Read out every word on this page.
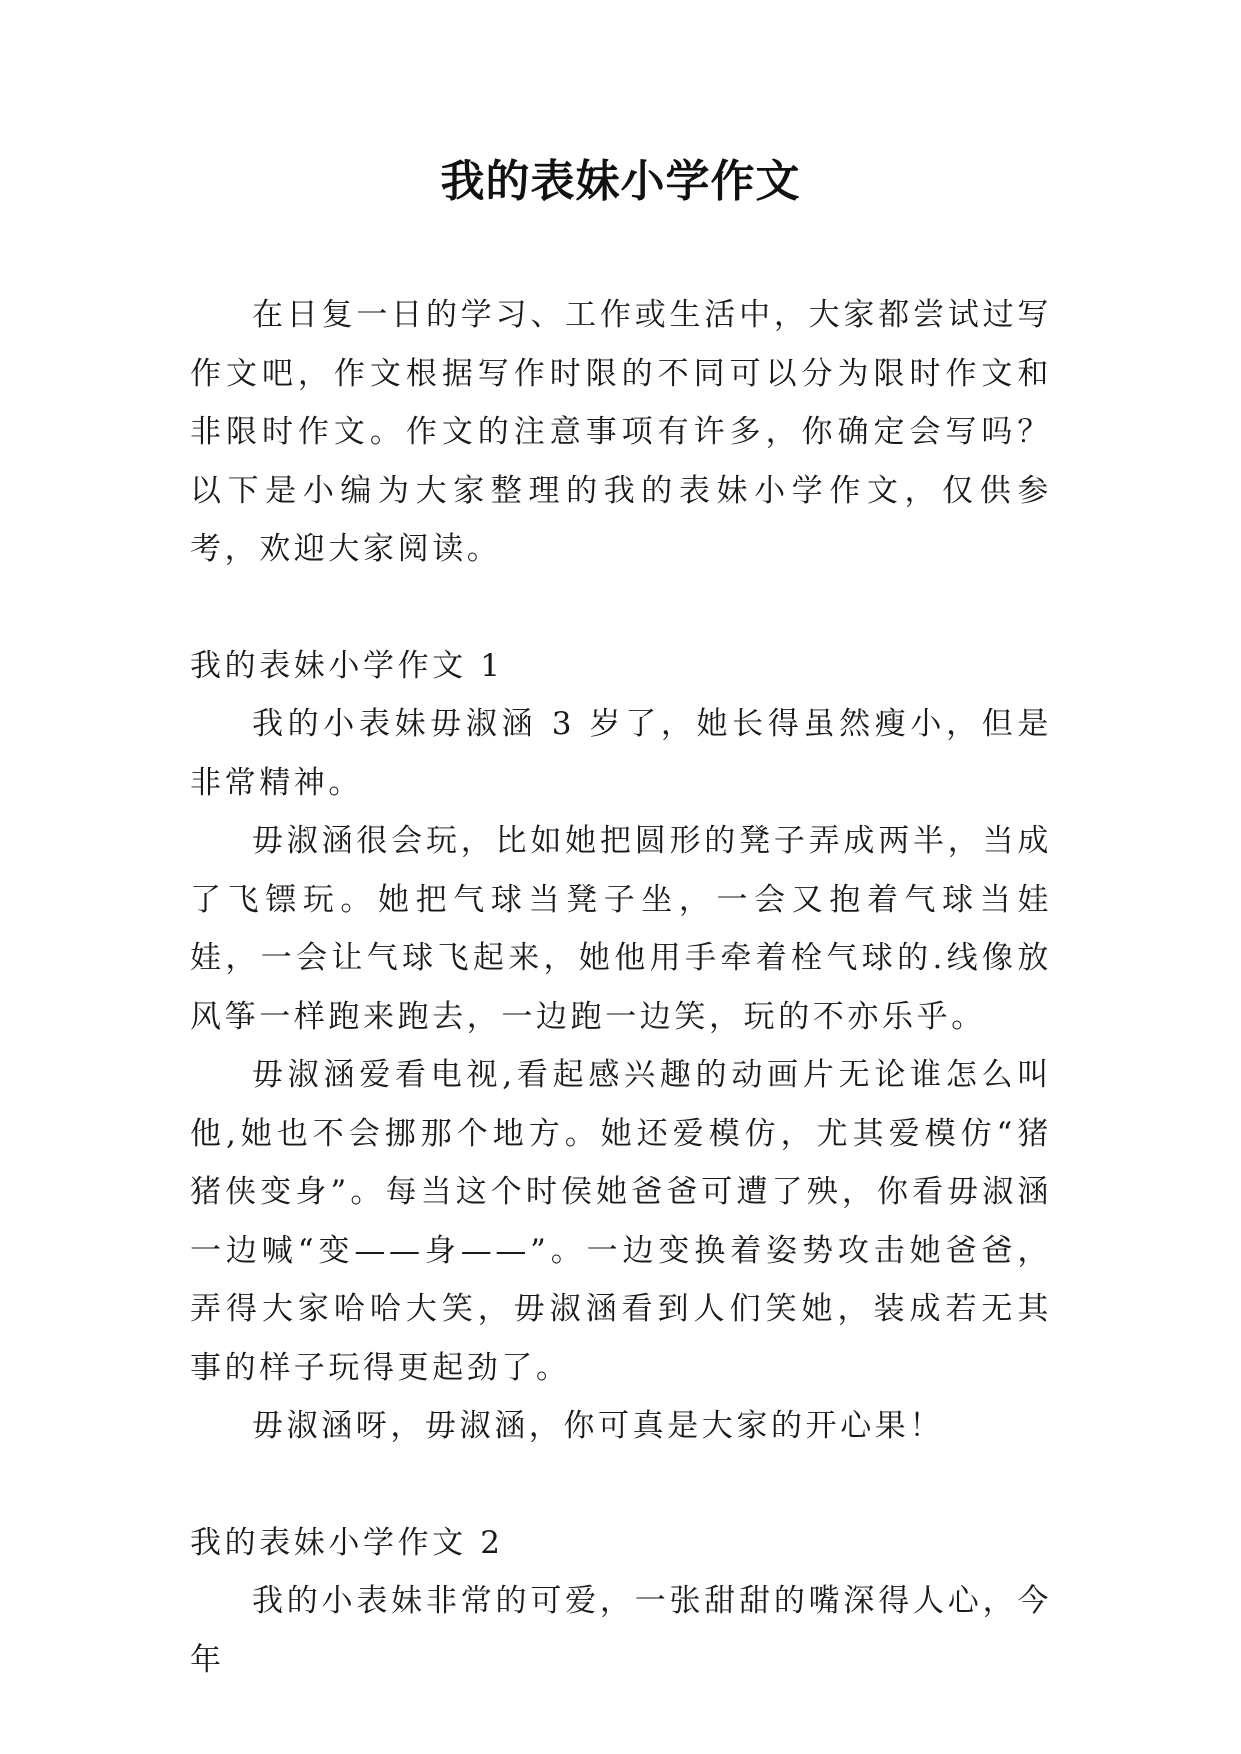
我的表妹小学作文

在日复一日的学习、工作或生活中，大家都尝试过写作文吧，作文根据写作时限的不同可以分为限时作文和非限时作文。作文的注意事项有许多，你确定会写吗？以下是小编为大家整理的我的表妹小学作文，仅供参考，欢迎大家阅读。

我的表妹小学作文 1

我的小表妹毋淑涵 3 岁了，她长得虽然瘦小，但是非常精神。

毋淑涵很会玩，比如她把圆形的凳子弄成两半，当成了飞镖玩。她把气球当凳子坐，一会又抱着气球当娃娃，一会让气球飞起来，她他用手牵着栓气球的.线像放风筝一样跑来跑去，一边跑一边笑，玩的不亦乐乎。

毋淑涵爱看电视,看起感兴趣的动画片无论谁怎么叫他,她也不会挪那个地方。她还爱模仿，尤其爱模仿“猪猪侠变身”。每当这个时侯她爸爸可遭了殃，你看毋淑涵一边喊“变——身——”。一边变换着姿势攻击她爸爸，弄得大家哈哈大笑，毋淑涵看到人们笑她，装成若无其事的样子玩得更起劲了。

毋淑涵呀，毋淑涵，你可真是大家的开心果！

我的表妹小学作文 2

我的小表妹非常的可爱，一张甜甜的嘴深得人心，今年
